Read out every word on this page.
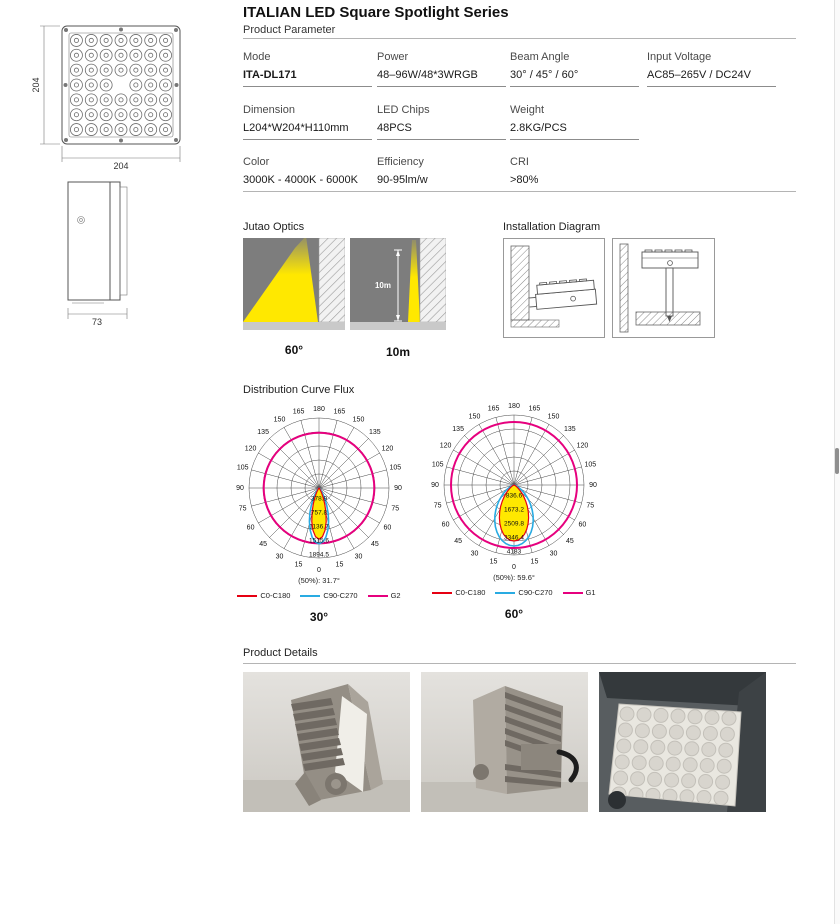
204
204
73
ITALIAN LED Square Spotlight Series
Product Parameter
Mode
ITA-DL171
Power
48–96W/48*3WRGB
Beam Angle
30° / 45° / 60°
Input Voltage
AC85–265V / DC24V
Dimension
L204*W204*H110mm
LED Chips
48PCS
Weight
2.8KG/PCS
Color
3000K - 4000K - 6000K
Efficiency
90-95lm/w
CRI
>80%
Jutao Optics
60°
10m
10m
Installation Diagram
Distribution Curve Flux
0
15
15
30
30
45
45
60
60
75
75
90
90
105
105
120
120
135
135
150
150
165
165 180
378.9
757.8
1136.7
1515.6
1894.5
(50%): 31.7°
C0-C180	C90-C270	G2
30°
0
15
15
30
30
45
45
60
60
75
75
90
90
105
105
120
120
135
135
150
150
165
165 180
836.6
1673.2
2509.8
3346.4
4183
(50%): 59.6°
C0-C180	C90-C270	G1
60°
Product Details
